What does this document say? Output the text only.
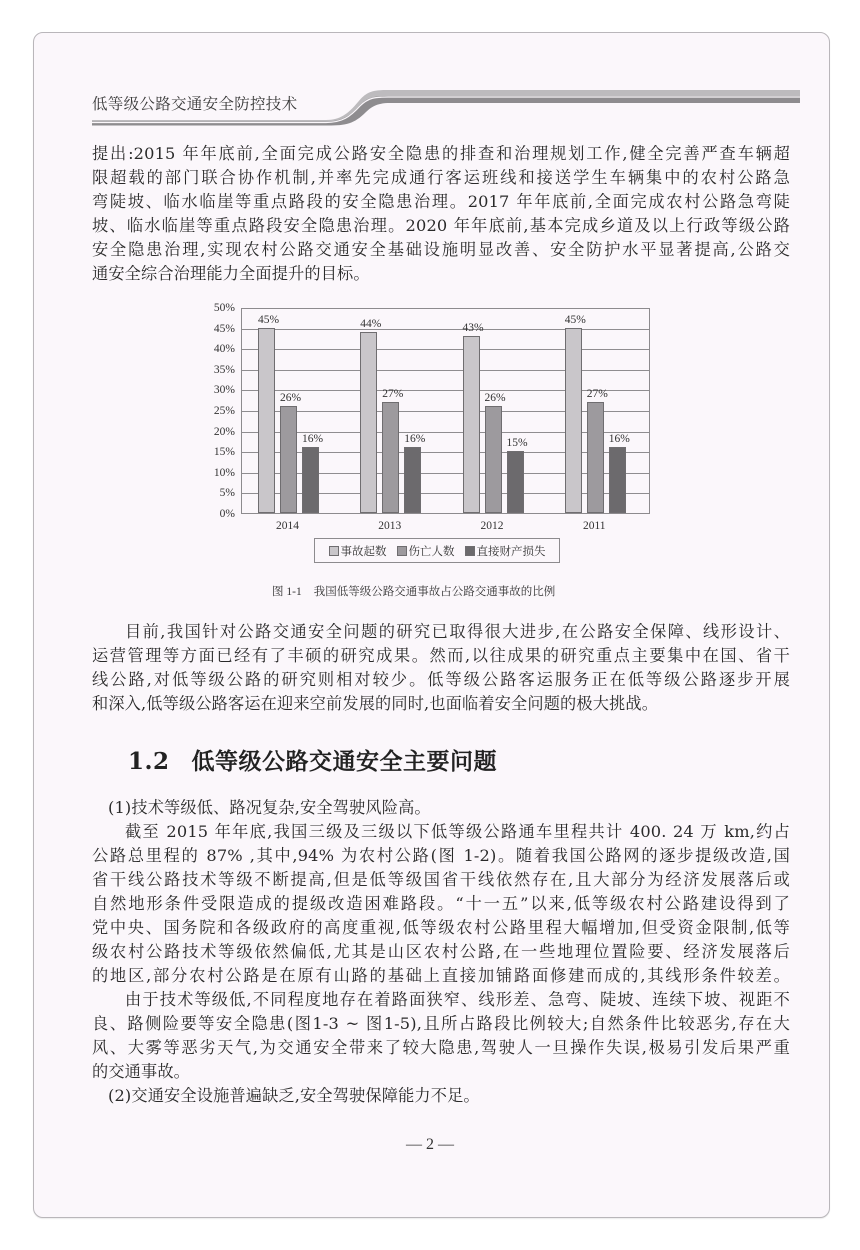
低等级公路交通安全防控技术
提出:2015 年年底前,全面完成公路安全隐患的排查和治理规划工作,健全完善严查车辆超
限超载的部门联合协作机制,并率先完成通行客运班线和接送学生车辆集中的农村公路急
弯陡坡、临水临崖等重点路段的安全隐患治理。2017 年年底前,全面完成农村公路急弯陡
坡、临水临崖等重点路段安全隐患治理。2020 年年底前,基本完成乡道及以上行政等级公路
安全隐患治理,实现农村公路交通安全基础设施明显改善、安全防护水平显著提高,公路交
通安全综合治理能力全面提升的目标。
0%
5%
10%
15%
20%
25%
30%
35%
40%
45%
50%
45%
26%
16%
44%
27%
16%
43%
26%
15%
45%
27%
16%
2014	2013	2012	2011
事故起数 伤亡人数 直接财产损失
图 1-1 我国低等级公路交通事故占公路交通事故的比例
目前,我国针对公路交通安全问题的研究已取得很大进步,在公路安全保障、线形设计、
运营管理等方面已经有了丰硕的研究成果。然而,以往成果的研究重点主要集中在国、省干
线公路,对低等级公路的研究则相对较少。低等级公路客运服务正在低等级公路逐步开展
和深入,低等级公路客运在迎来空前发展的同时,也面临着安全问题的极大挑战。
1.2 低等级公路交通安全主要问题
(1)技术等级低、路况复杂,安全驾驶风险高。
截至 2015 年年底,我国三级及三级以下低等级公路通车里程共计 400. 24 万 km,约占
公路总里程的 87% ,其中,94% 为农村公路(图 1-2)。随着我国公路网的逐步提级改造,国
省干线公路技术等级不断提高,但是低等级国省干线依然存在,且大部分为经济发展落后或
自然地形条件受限造成的提级改造困难路段。“十一五”以来,低等级农村公路建设得到了
党中央、国务院和各级政府的高度重视,低等级农村公路里程大幅增加,但受资金限制,低等
级农村公路技术等级依然偏低,尤其是山区农村公路,在一些地理位置险要、经济发展落后
的地区,部分农村公路是在原有山路的基础上直接加铺路面修建而成的,其线形条件较差。
由于技术等级低,不同程度地存在着路面狭窄、线形差、急弯、陡坡、连续下坡、视距不
良、路侧险要等安全隐患(图1-3 ~ 图1-5),且所占路段比例较大;自然条件比较恶劣,存在大
风、大雾等恶劣天气,为交通安全带来了较大隐患,驾驶人一旦操作失误,极易引发后果严重
的交通事故。
(2)交通安全设施普遍缺乏,安全驾驶保障能力不足。
— 2 —
